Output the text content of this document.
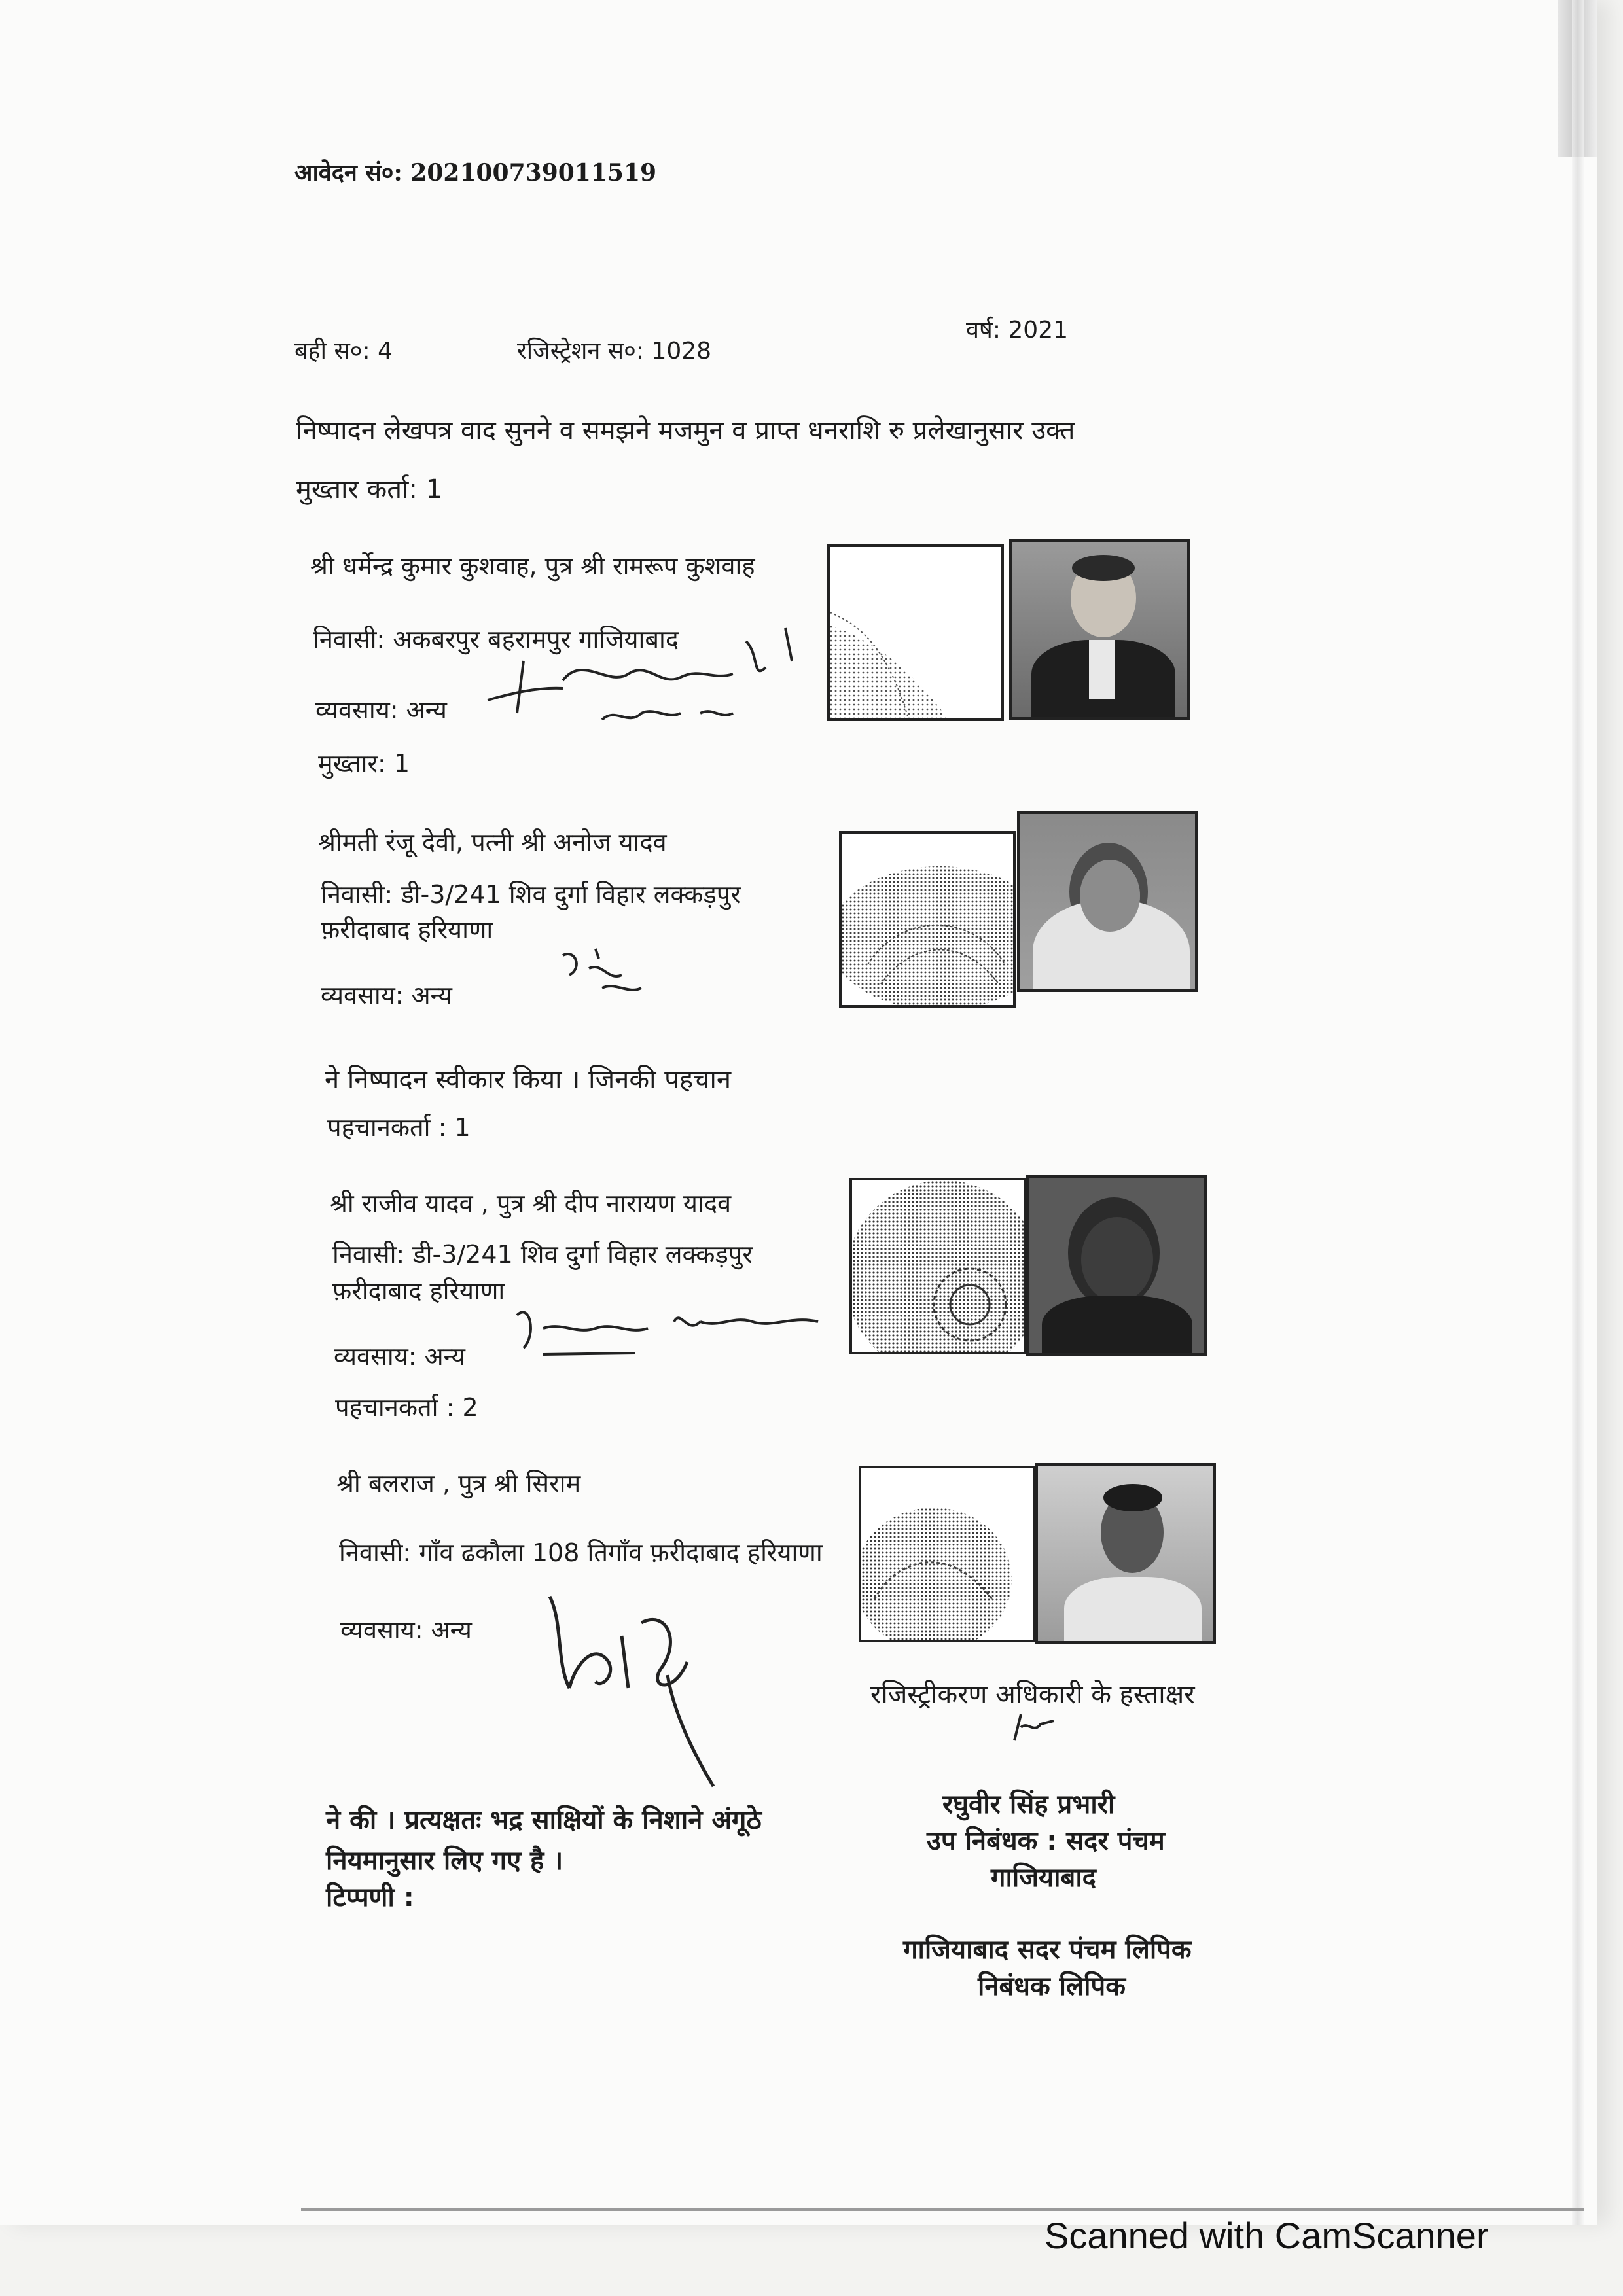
आवेदन सं०: 202100739011519
वर्ष: 2021
बही स०: 4	रजिस्ट्रेशन स०: 1028
निष्पादन लेखपत्र वाद सुनने व समझने मजमुन व प्राप्त धनराशि रु प्रलेखानुसार उक्त
मुख्तार कर्ता: 1
श्री धर्मेन्द्र कुमार कुशवाह, पुत्र श्री रामरूप कुशवाह
निवासी: अकबरपुर बहरामपुर गाजियाबाद
व्यवसाय: अन्य
मुख्तार: 1
श्रीमती रंजू देवी, पत्नी श्री अनोज यादव
निवासी: डी-3/241 शिव दुर्गा विहार लक्कड़पुर
फ़रीदाबाद हरियाणा
व्यवसाय: अन्य
ने निष्पादन स्वीकार किया । जिनकी पहचान
पहचानकर्ता : 1
श्री राजीव यादव , पुत्र श्री दीप नारायण यादव
निवासी: डी-3/241 शिव दुर्गा विहार लक्कड़पुर
फ़रीदाबाद हरियाणा
व्यवसाय: अन्य
पहचानकर्ता : 2
श्री बलराज , पुत्र श्री सिराम
निवासी: गाँव ढकौला 108 तिगाँव फ़रीदाबाद हरियाणा
व्यवसाय: अन्य
रजिस्ट्रीकरण अधिकारी के हस्ताक्षर
रघुवीर सिंह प्रभारी
उप निबंधक : सदर पंचम
गाजियाबाद
ने की । प्रत्यक्षतः भद्र साक्षियों के निशाने अंगूठे
नियमानुसार लिए गए है ।
टिप्पणी :
गाजियाबाद सदर पंचम लिपिक
निबंधक लिपिक
Scanned with CamScanner
